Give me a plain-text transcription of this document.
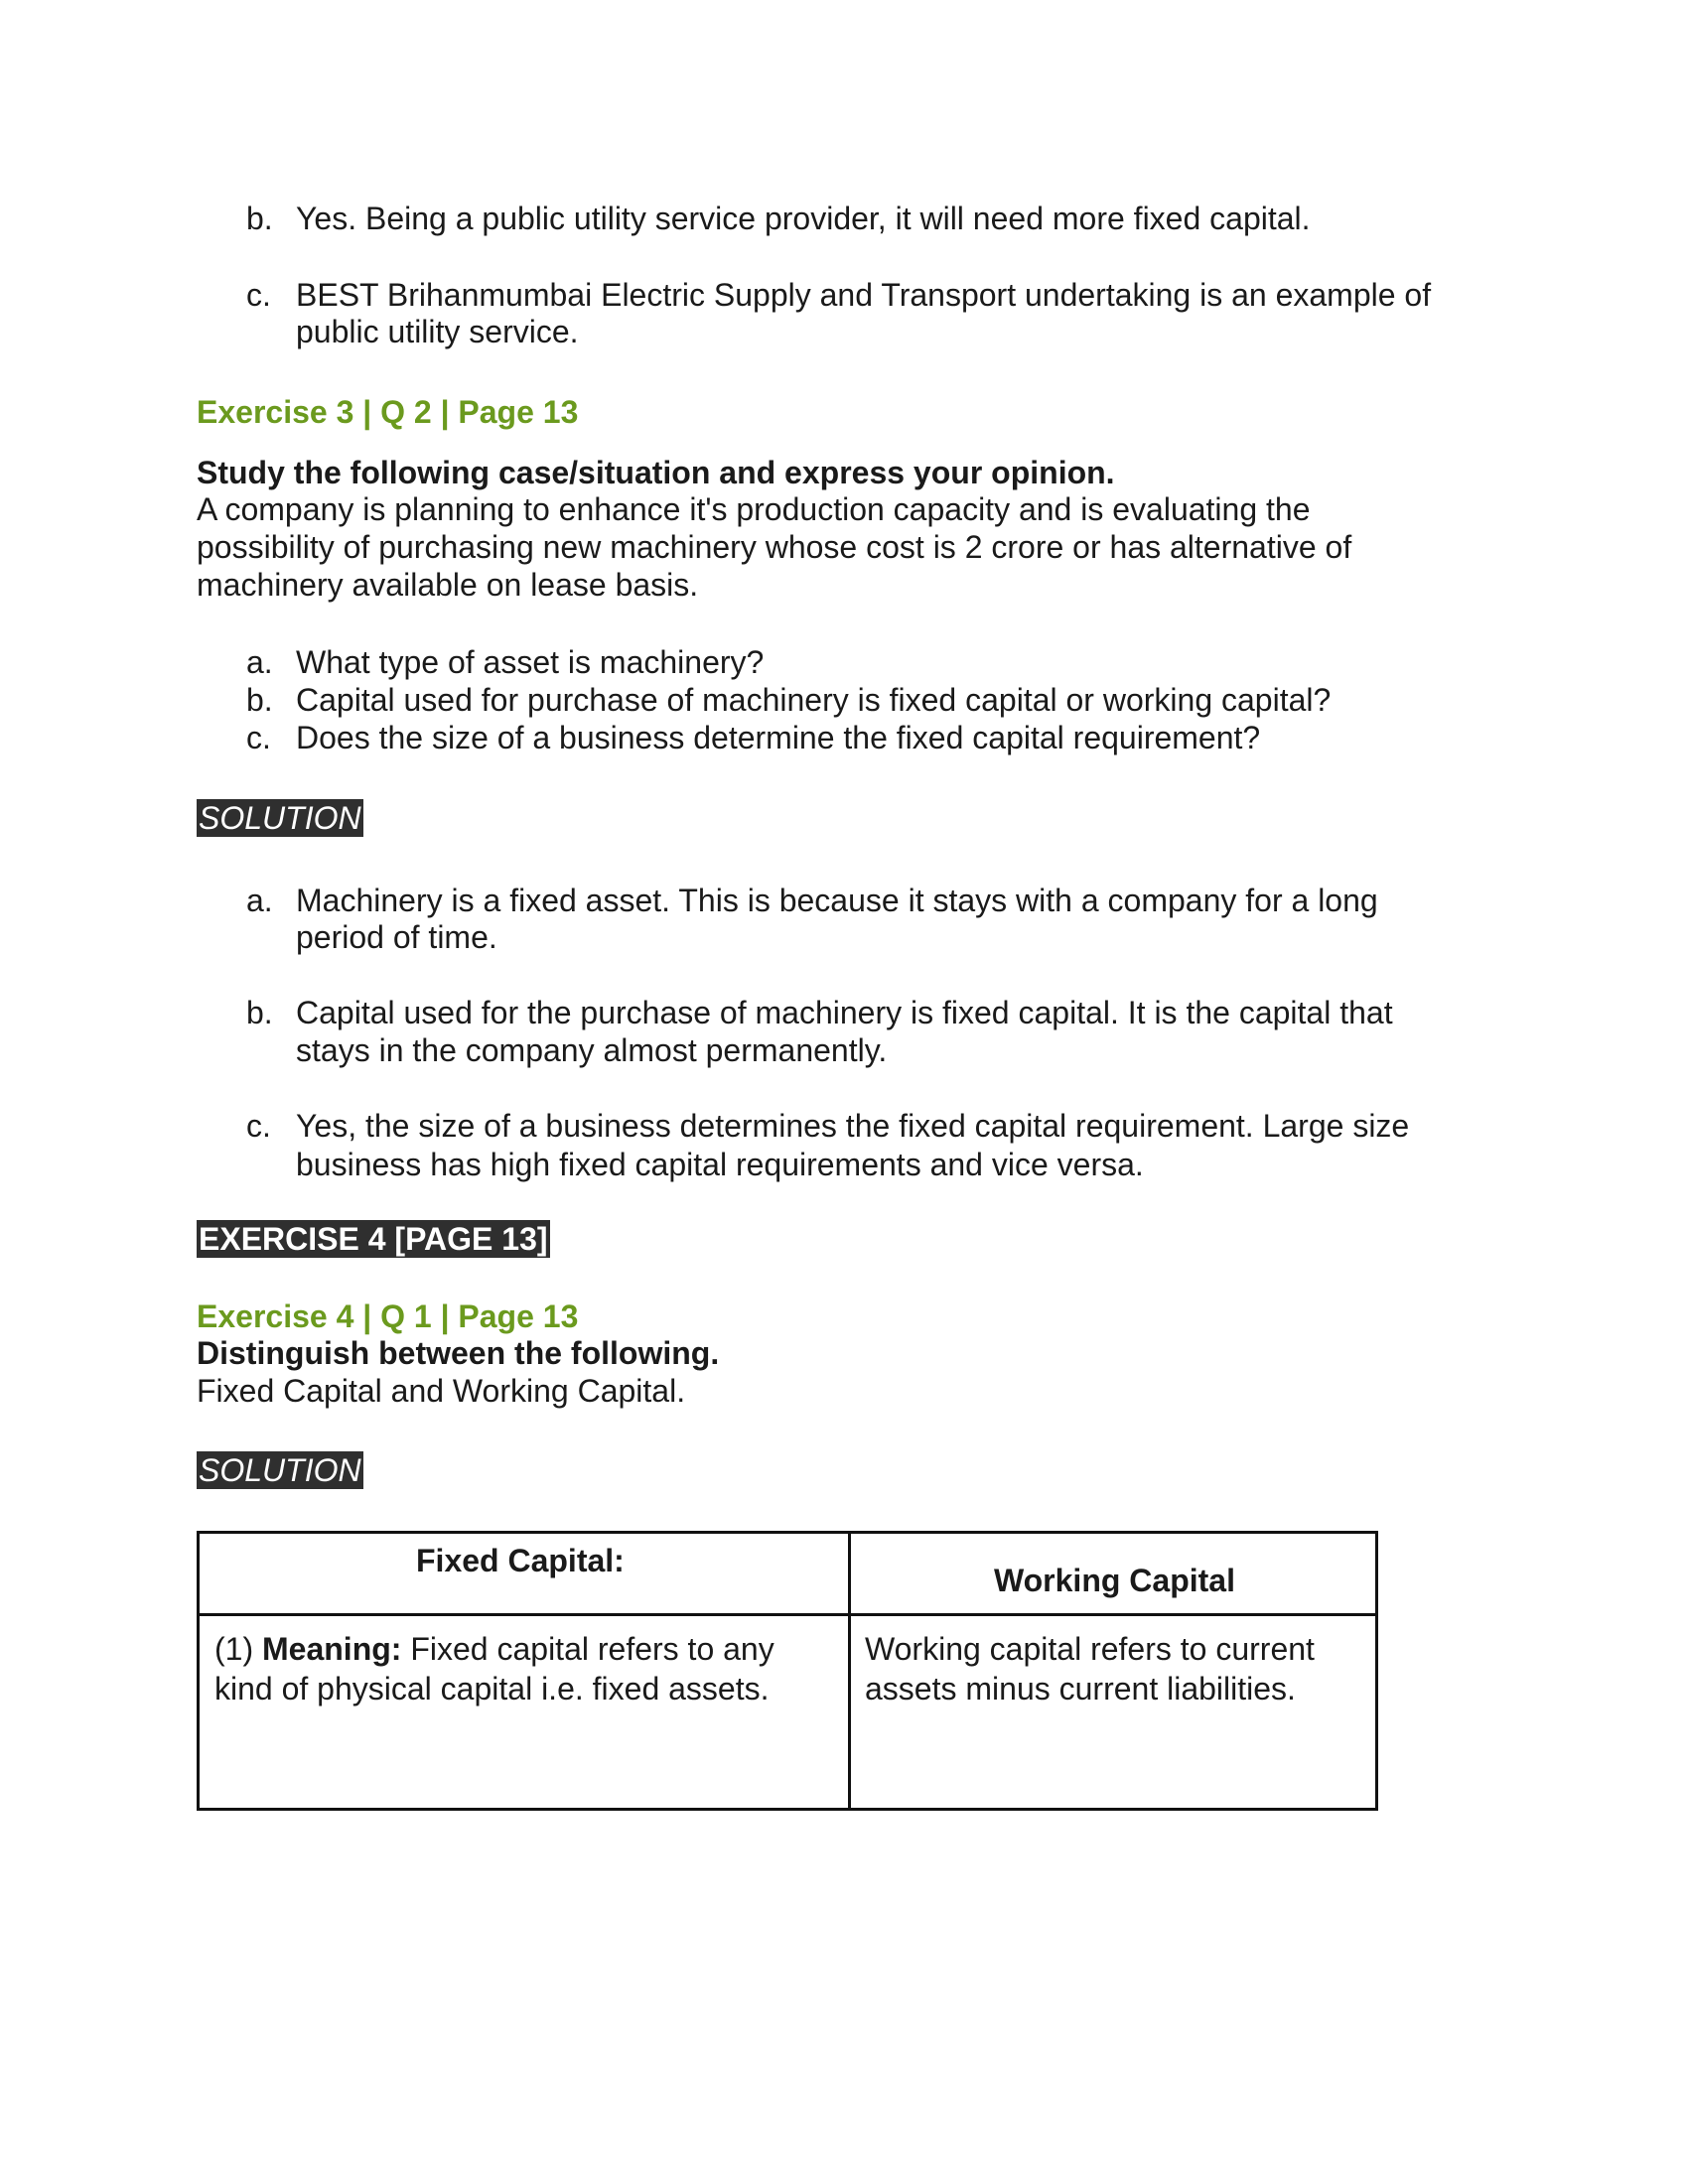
b. Yes. Being a public utility service provider, it will need more fixed capital.
c. BEST Brihanmumbai Electric Supply and Transport undertaking is an example of
public utility service.
Exercise 3 | Q 2 | Page 13
Study the following case/situation and express your opinion.
A company is planning to enhance it's production capacity and is evaluating the
possibility of purchasing new machinery whose cost is 2 crore or has alternative of
machinery available on lease basis.
a. What type of asset is machinery?
b. Capital used for purchase of machinery is fixed capital or working capital?
c. Does the size of a business determine the fixed capital requirement?
SOLUTION
a. Machinery is a fixed asset. This is because it stays with a company for a long
period of time.
b. Capital used for the purchase of machinery is fixed capital. It is the capital that
stays in the company almost permanently.
c. Yes, the size of a business determines the fixed capital requirement. Large size
business has high fixed capital requirements and vice versa.
EXERCISE 4 [PAGE 13]
Exercise 4 | Q 1 | Page 13
Distinguish between the following.
Fixed Capital and Working Capital.
SOLUTION
Fixed Capital:
Working Capital
(1) Meaning: Fixed capital refers to any
kind of physical capital i.e. fixed assets.
Working capital refers to current
assets minus current liabilities.
